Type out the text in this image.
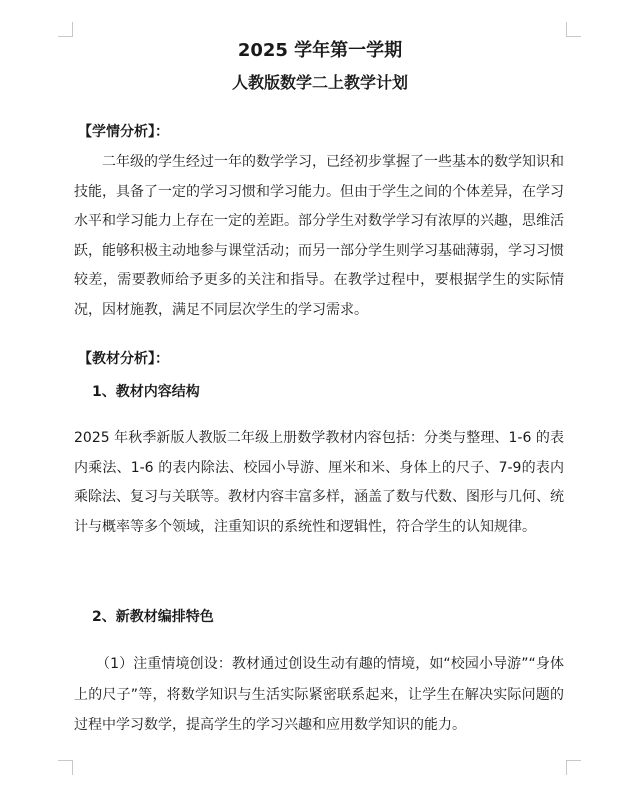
2025 学年第一学期
人教版数学二上教学计划
【学情分析】：

二年级的学生经过一年的数学学习，已经初步掌握了一些基本的数学知识和技能，具备了一定的学习习惯和学习能力。但由于学生之间的个体差异，在学习水平和学习能力上存在一定的差距。部分学生对数学学习有浓厚的兴趣，思维活跃，能够积极主动地参与课堂活动；而另一部分学生则学习基础薄弱，学习习惯较差，需要教师给予更多的关注和指导。在教学过程中，要根据学生的实际情况，因材施教，满足不同层次学生的学习需求。

【教材分析】：
1、教材内容结构

2025 年秋季新版人教版二年级上册数学教材内容包括：分类与整理、1-6 的表内乘法、1-6 的表内除法、校园小导游、厘米和米、身体上的尺子、7-9的表内乘除法、复习与关联等。教材内容丰富多样，涵盖了数与代数、图形与几何、统计与概率等多个领域，注重知识的系统性和逻辑性，符合学生的认知规律。

2、新教材编排特色

（1）注重情境创设：教材通过创设生动有趣的情境，如“校园小导游”“身体上的尺子”等，将数学知识与生活实际紧密联系起来，让学生在解决实际问题的过程中学习数学，提高学生的学习兴趣和应用数学知识的能力。
